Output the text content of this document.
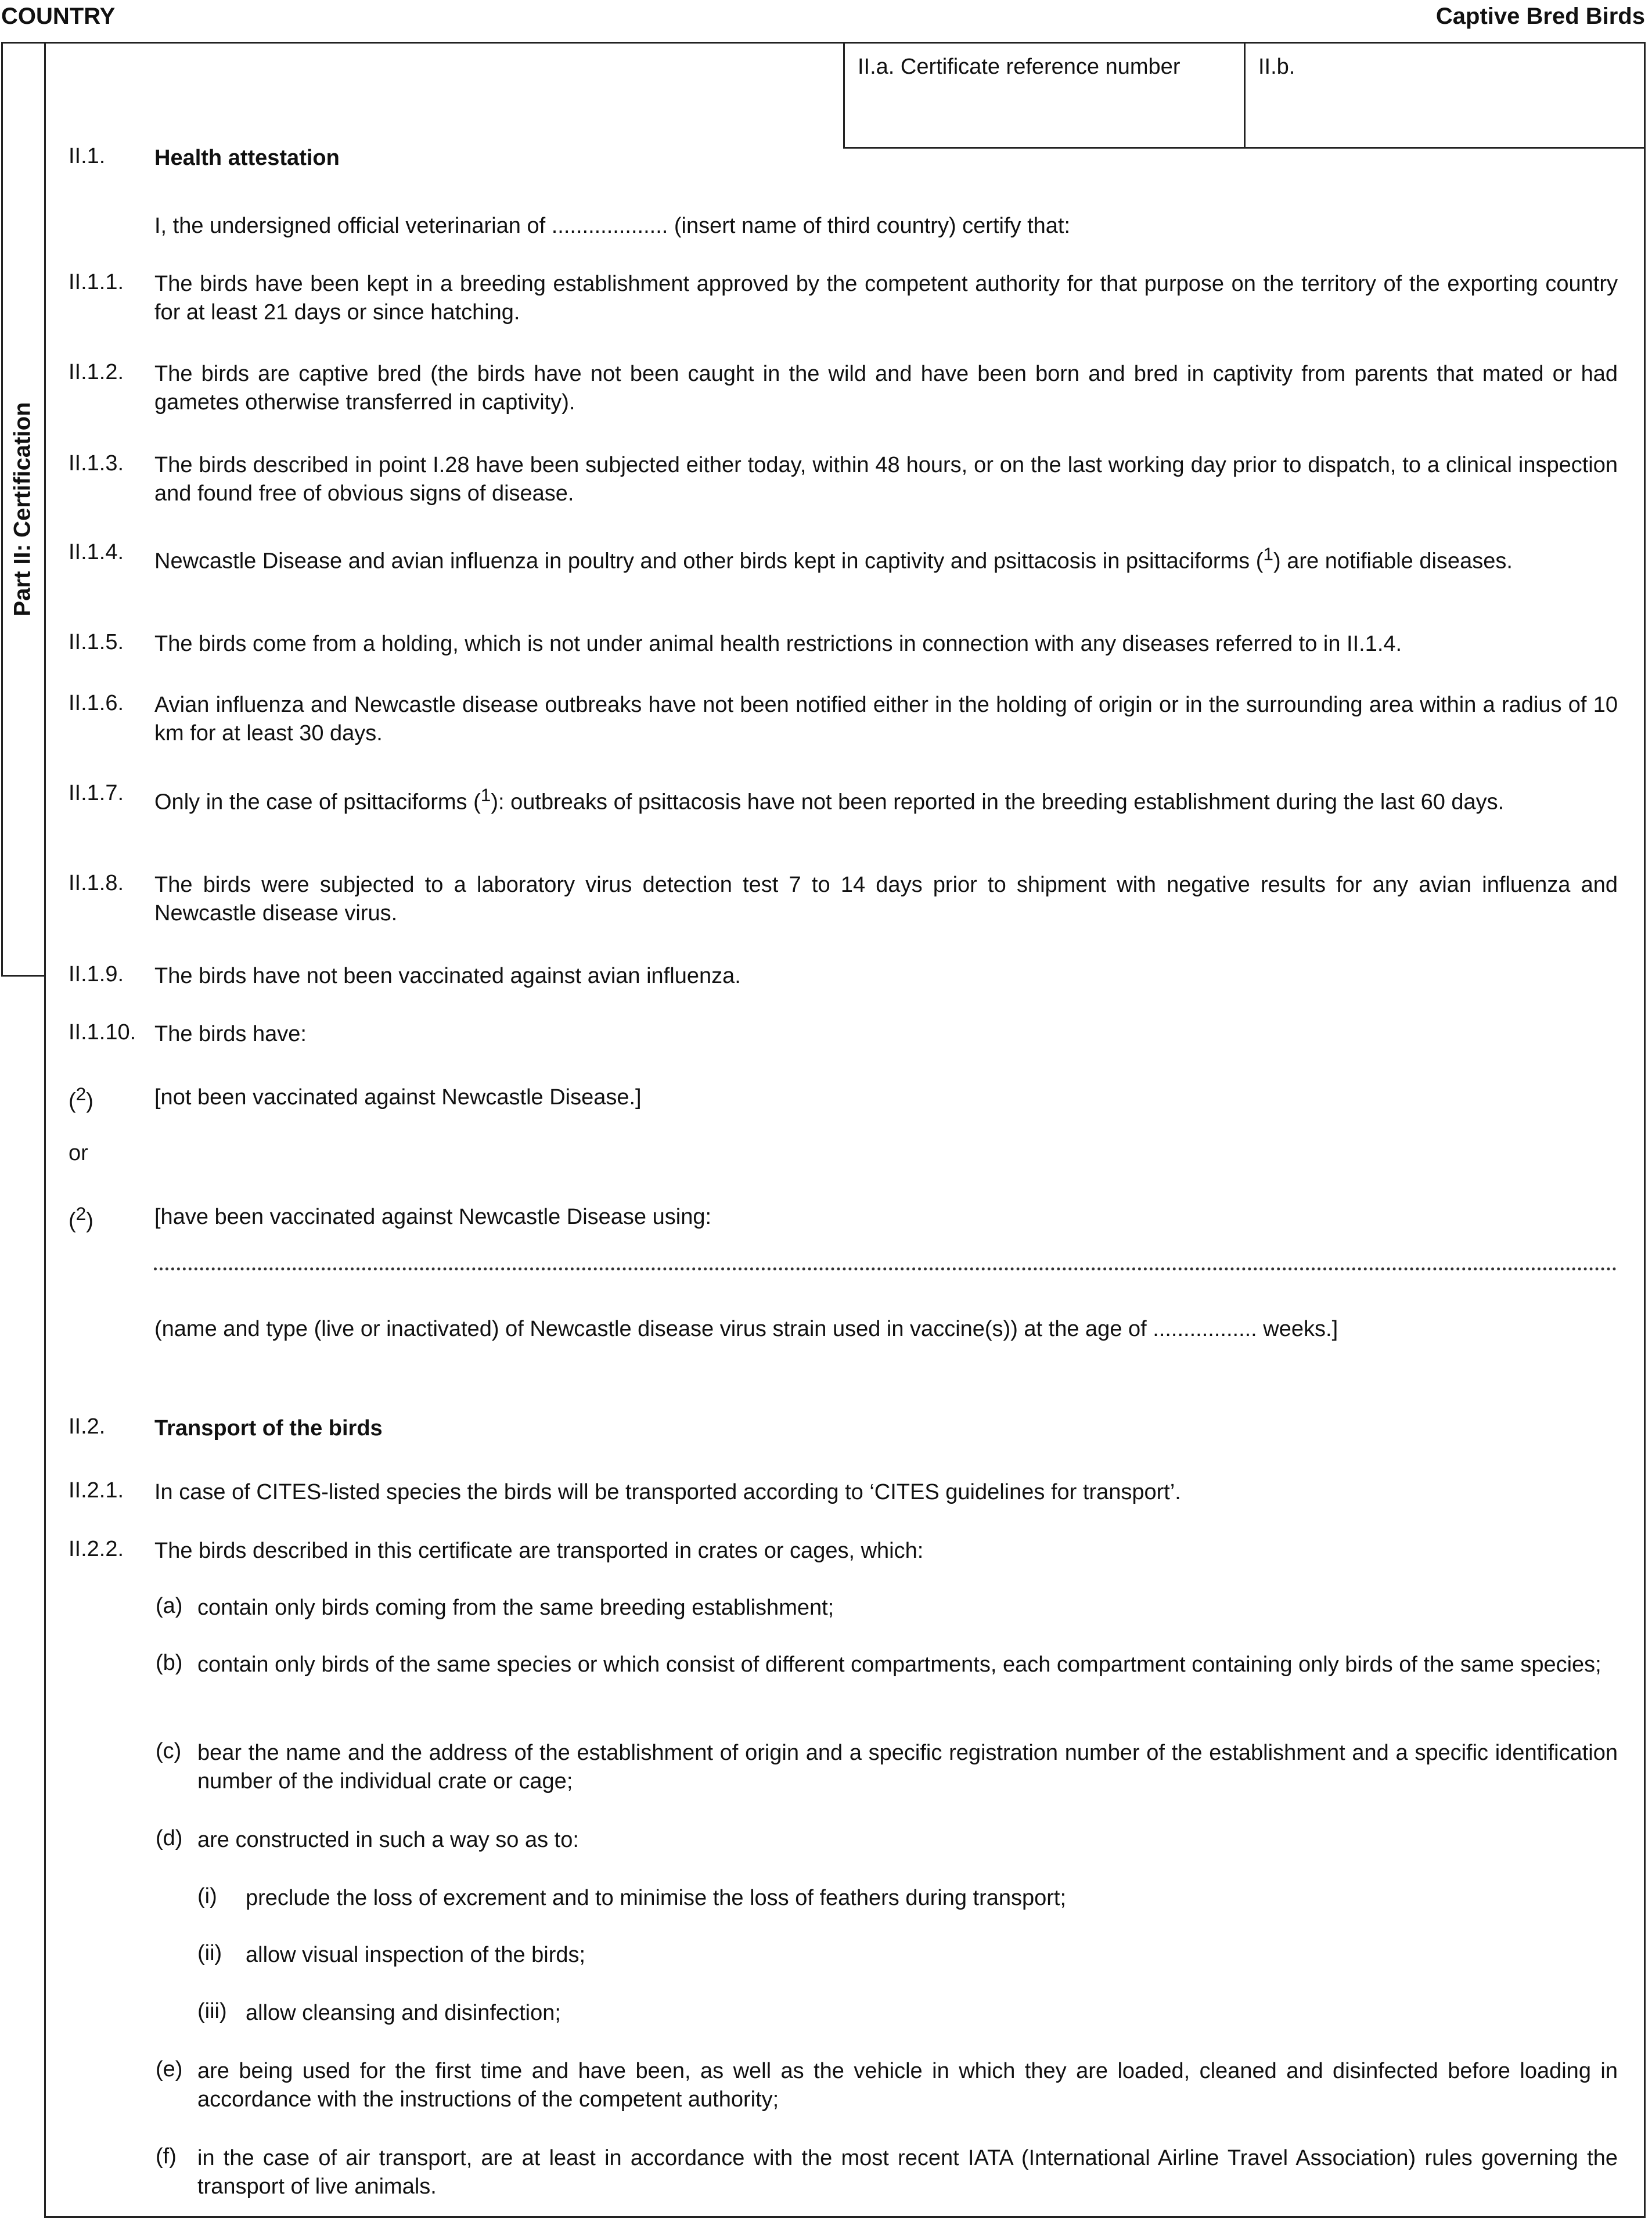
COUNTRY	Captive Bred Birds
Part II: Certification
II.a. Certificate reference number	II.b.
II.1. Health attestation
I, the undersigned official veterinarian of ................... (insert name of third country) certify that:
II.1.1. The birds have been kept in a breeding establishment approved by the competent authority for that purpose on the territory of the exporting country for at least 21 days or since hatching.
II.1.2. The birds are captive bred (the birds have not been caught in the wild and have been born and bred in captivity from parents that mated or had gametes otherwise transferred in captivity).
II.1.3. The birds described in point I.28 have been subjected either today, within 48 hours, or on the last working day prior to dispatch, to a clinical inspection and found free of obvious signs of disease.
II.1.4. Newcastle Disease and avian influenza in poultry and other birds kept in captivity and psittacosis in psittaciforms ($^1$) are notifiable diseases.
II.1.5. The birds come from a holding, which is not under animal health restrictions in connection with any diseases referred to in II.1.4.
II.1.6. Avian influenza and Newcastle disease outbreaks have not been notified either in the holding of origin or in the surrounding area within a radius of 10 km for at least 30 days.
II.1.7. Only in the case of psittaciforms ($^1$): outbreaks of psittacosis have not been reported in the breeding establishment during the last 60 days.
II.1.8. The birds were subjected to a laboratory virus detection test 7 to 14 days prior to shipment with negative results for any avian influenza and Newcastle disease virus.
II.1.9. The birds have not been vaccinated against avian influenza.
II.1.10. The birds have:
($^2$)	[not been vaccinated against Newcastle Disease.]
or
($^2$)	[have been vaccinated against Newcastle Disease using:
(name and type (live or inactivated) of Newcastle disease virus strain used in vaccine(s)) at the age of ................. weeks.]
II.2. Transport of the birds
II.2.1. In case of CITES-listed species the birds will be transported according to ‘CITES guidelines for transport’.
II.2.2. The birds described in this certificate are transported in crates or cages, which:
(a) contain only birds coming from the same breeding establishment;
(b) contain only birds of the same species or which consist of different compartments, each compartment containing only birds of the same species;
(c) bear the name and the address of the establishment of origin and a specific registration number of the establishment and a specific identification number of the individual crate or cage;
(d) are constructed in such a way so as to:
(i) preclude the loss of excrement and to minimise the loss of feathers during transport;
(ii) allow visual inspection of the birds;
(iii) allow cleansing and disinfection;
(e) are being used for the first time and have been, as well as the vehicle in which they are loaded, cleaned and disinfected before loading in accordance with the instructions of the competent authority;
(f) in the case of air transport, are at least in accordance with the most recent IATA (International Airline Travel Association) rules governing the transport of live animals.
